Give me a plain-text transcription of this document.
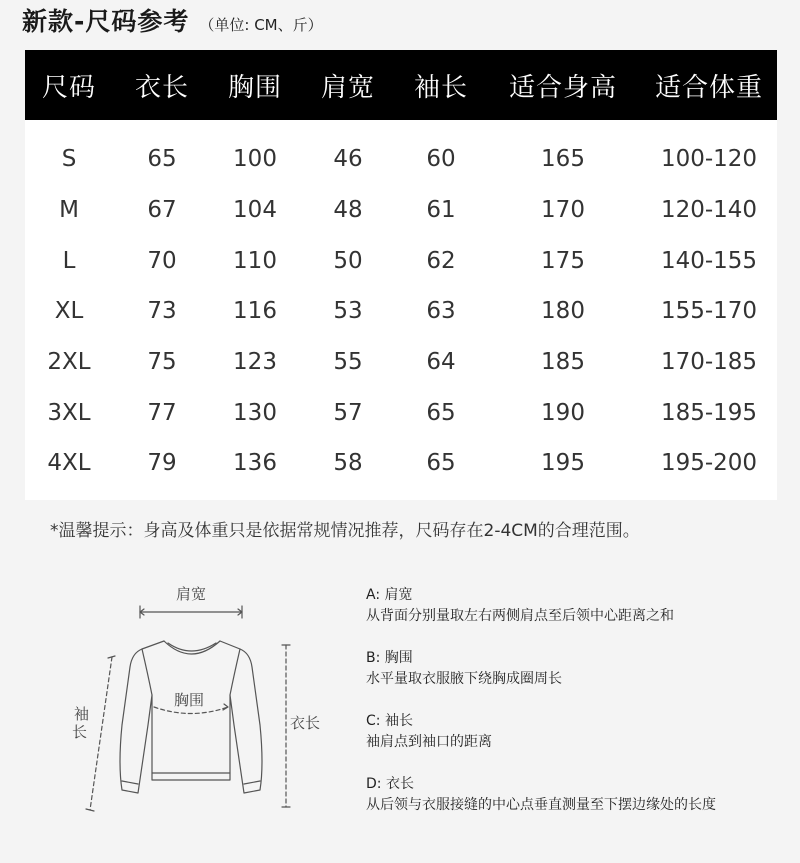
新款-尺码参考 （单位: CM、斤）
尺码	衣长	胸围	肩宽	袖长	适合身高	适合体重
S	65	100	46	60	165	100-120
M	67	104	48	61	170	120-140
L	70	110	50	62	175	140-155
XL	73	116	53	63	180	155-170
2XL	75	123	55	64	185	170-185
3XL	77	130	57	65	190	185-195
4XL	79	136	58	65	195	195-200
*温馨提示：身高及体重只是依据常规情况推荐，尺码存在2-4CM的合理范围。
肩宽
胸围
袖
长	衣长
A: 肩宽
从背面分别量取左右两侧肩点至后领中心距离之和
B: 胸围
水平量取衣服腋下绕胸成圈周长
C: 袖长
袖肩点到袖口的距离
D: 衣长
从后领与衣服接缝的中心点垂直测量至下摆边缘处的长度
